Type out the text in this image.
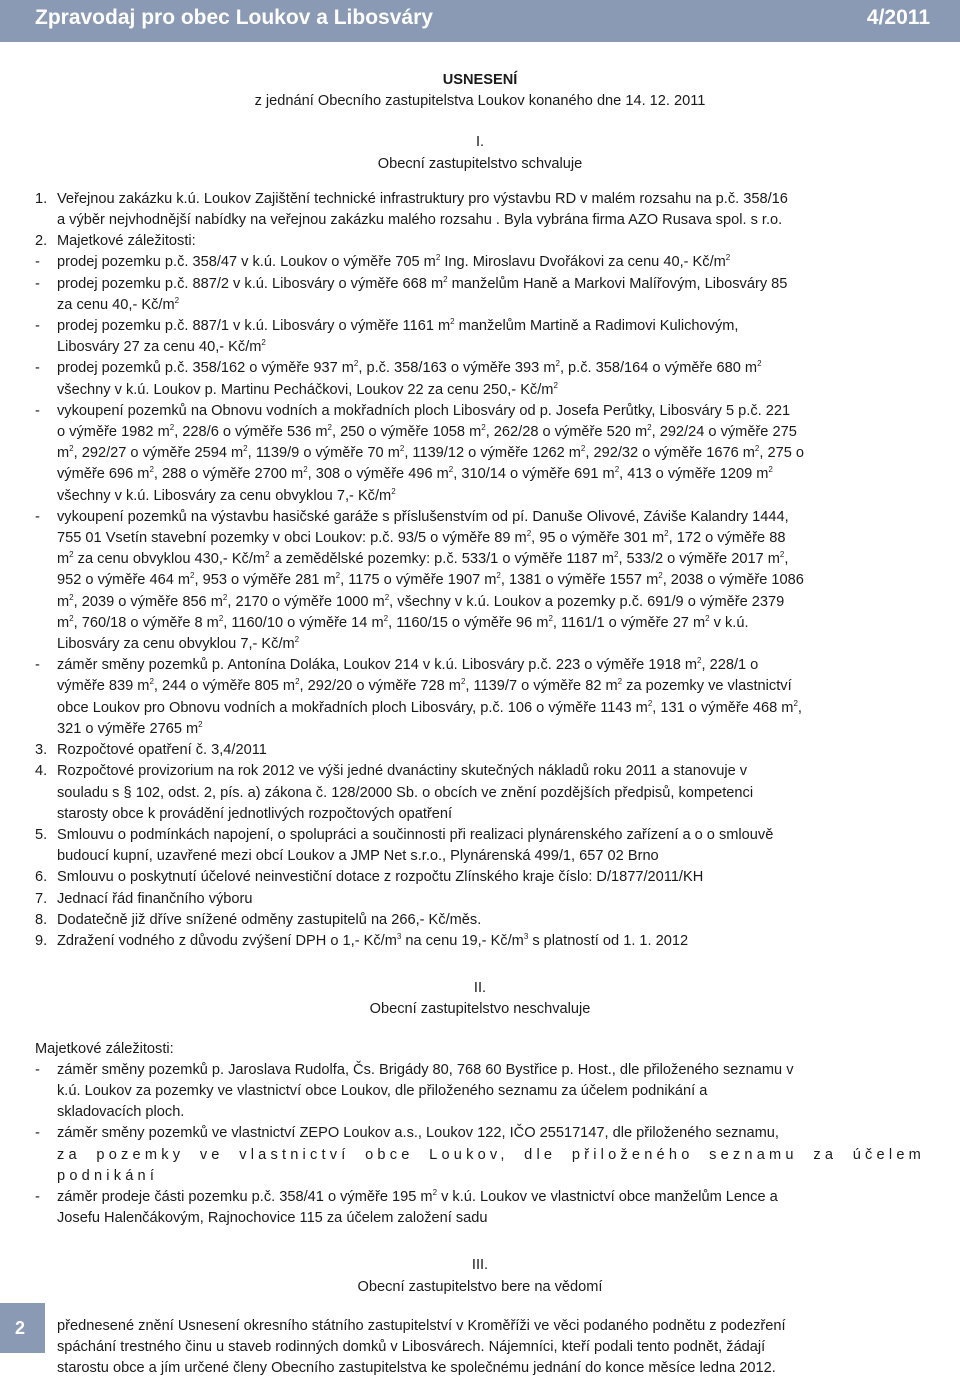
Zpravodaj pro obec Loukov a Libosváry	4/2011
USNESENÍ
z jednání Obecního zastupitelstva Loukov konaného dne 14. 12. 2011
I.
Obecní zastupitelstvo schvaluje
1. Veřejnou zakázku k.ú. Loukov Zajištění technické infrastruktury pro výstavbu RD v malém rozsahu na p.č. 358/16
a výběr nejvhodnější nabídky na veřejnou zakázku malého rozsahu . Byla vybrána firma AZO Rusava spol. s r.o.
2. Majetkové záležitosti:
- prodej pozemku p.č. 358/47 v k.ú. Loukov o výměře 705 $m^2$ Ing. Miroslavu Dvořákovi za cenu 40,- $Kč/m^2$
- prodej pozemku p.č. 887/2 v k.ú. Libosváry o výměře 668 $m^2$ manželům Haně a Markovi Malířovým, Libosváry 85
za cenu 40,- $Kč/m^2$
- prodej pozemku p.č. 887/1 v k.ú. Libosváry o výměře 1161 $m^2$ manželům Martině a Radimovi Kulichovým,
Libosváry 27 za cenu 40,- $Kč/m^2$
- prodej pozemků p.č. 358/162 o výměře 937 $m^2$, p.č. 358/163 o výměře 393 $m^2$, p.č. 358/164 o výměře 680 $m^2$
všechny v k.ú. Loukov p. Martinu Pecháčkovi, Loukov 22 za cenu 250,- $Kč/m^2$
- vykoupení pozemků na Obnovu vodních a mokřadních ploch Libosváry od p. Josefa Perůtky, Libosváry 5 p.č. 221
o výměře 1982 $m^2$, 228/6 o výměře 536 $m^2$, 250 o výměře 1058 $m^2$, 262/28 o výměře 520 $m^2$, 292/24 o výměře 275
$m^2$, 292/27 o výměře 2594 $m^2$, 1139/9 o výměře 70 $m^2$, 1139/12 o výměře 1262 $m^2$, 292/32 o výměře 1676 $m^2$, 275 o
výměře 696 $m^2$, 288 o výměře 2700 $m^2$, 308 o výměře 496 $m^2$, 310/14 o výměře 691 $m^2$, 413 o výměře 1209 $m^2$
všechny v k.ú. Libosváry za cenu obvyklou 7,- $Kč/m^2$
- vykoupení pozemků na výstavbu hasičské garáže s příslušenstvím od pí. Danuše Olivové, Záviše Kalandry 1444,
755 01 Vsetín stavební pozemky v obci Loukov: p.č. 93/5 o výměře 89 $m^2$, 95 o výměře 301 $m^2$, 172 o výměře 88
$m^2$ za cenu obvyklou 430,- $Kč/m^2$ a zemědělské pozemky: p.č. 533/1 o výměře 1187 $m^2$, 533/2 o výměře 2017 $m^2$,
952 o výměře 464 $m^2$, 953 o výměře 281 $m^2$, 1175 o výměře 1907 $m^2$, 1381 o výměře 1557 $m^2$, 2038 o výměře 1086
$m^2$, 2039 o výměře 856 $m^2$, 2170 o výměře 1000 $m^2$, všechny v k.ú. Loukov a pozemky p.č. 691/9 o výměře 2379
$m^2$, 760/18 o výměře 8 $m^2$, 1160/10 o výměře 14 $m^2$, 1160/15 o výměře 96 $m^2$, 1161/1 o výměře 27 $m^2$ v k.ú.
Libosváry za cenu obvyklou 7,- $Kč/m^2$
- záměr směny pozemků p. Antonína Doláka, Loukov 214 v k.ú. Libosváry p.č. 223 o výměře 1918 $m^2$, 228/1 o
výměře 839 $m^2$, 244 o výměře 805 $m^2$, 292/20 o výměře 728 $m^2$, 1139/7 o výměře 82 $m^2$ za pozemky ve vlastnictví
obce Loukov pro Obnovu vodních a mokřadních ploch Libosváry, p.č. 106 o výměře 1143 $m^2$, 131 o výměře 468 $m^2$,
321 o výměře 2765 $m^2$
3. Rozpočtové opatření č. 3,4/2011
4. Rozpočtové provizorium na rok 2012 ve výši jedné dvanáctiny skutečných nákladů roku 2011 a stanovuje v
souladu s § 102, odst. 2, pís. a) zákona č. 128/2000 Sb. o obcích ve znění pozdějších předpisů, kompetenci
starosty obce k provádění jednotlivých rozpočtových opatření
5. Smlouvu o podmínkách napojení, o spolupráci a součinnosti při realizaci plynárenského zařízení a o o smlouvě
budoucí kupní, uzavřené mezi obcí Loukov a JMP Net s.r.o., Plynárenská 499/1, 657 02 Brno
6. Smlouvu o poskytnutí účelové neinvestiční dotace z rozpočtu Zlínského kraje číslo: D/1877/2011/KH
7. Jednací řád finančního výboru
8. Dodatečně již dříve snížené odměny zastupitelů na 266,- Kč/měs.
9. Zdražení vodného z důvodu zvýšení DPH o 1,- $Kč/m^3$ na cenu 19,- $Kč/m^3$ s platností od 1. 1. 2012
II.
Obecní zastupitelstvo neschvaluje
Majetkové záležitosti:
- záměr směny pozemků p. Jaroslava Rudolfa, Čs. Brigády 80, 768 60 Bystřice p. Host., dle přiloženého seznamu v
k.ú. Loukov za pozemky ve vlastnictví obce Loukov, dle přiloženého seznamu za účelem podnikání a
skladovacích ploch.
- záměr směny pozemků ve vlastnictví ZEPO Loukov a.s., Loukov 122, IČO 25517147, dle přiloženého seznamu,
za pozemky ve vlastnictví obce Loukov, dle přiloženého seznamu za účelem podnikání
- záměr prodeje části pozemku p.č. 358/41 o výměře 195 $m^2$ v k.ú. Loukov ve vlastnictví obce manželům Lence a
Josefu Halenčákovým, Rajnochovice 115 za účelem založení sadu
III.
Obecní zastupitelstvo bere na vědomí
přednesené znění Usnesení okresního státního zastupitelství v Kroměříži ve věci podaného podnětu z podezření
spáchání trestného činu u staveb rodinných domků v Libosvárech. Nájemníci, kteří podali tento podnět, žádají
starostu obce a jím určené členy Obecního zastupitelstva ke společnému jednání do konce měsíce ledna 2012.
2
